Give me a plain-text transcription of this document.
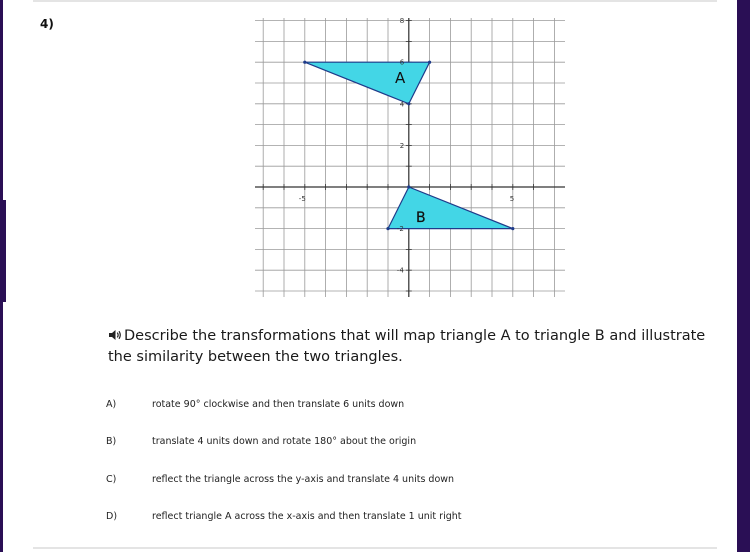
4)
A
B
-5	5
8
6
4
2
-2
-4
Describe the transformations that will map triangle A to triangle B and illustrate the similarity between the two triangles.
A)	rotate 90° clockwise and then translate 6 units down
B)	translate 4 units down and rotate 180° about the origin
C)	reflect the triangle across the y-axis and translate 4 units down
D)	reflect triangle A across the x-axis and then translate 1 unit right
